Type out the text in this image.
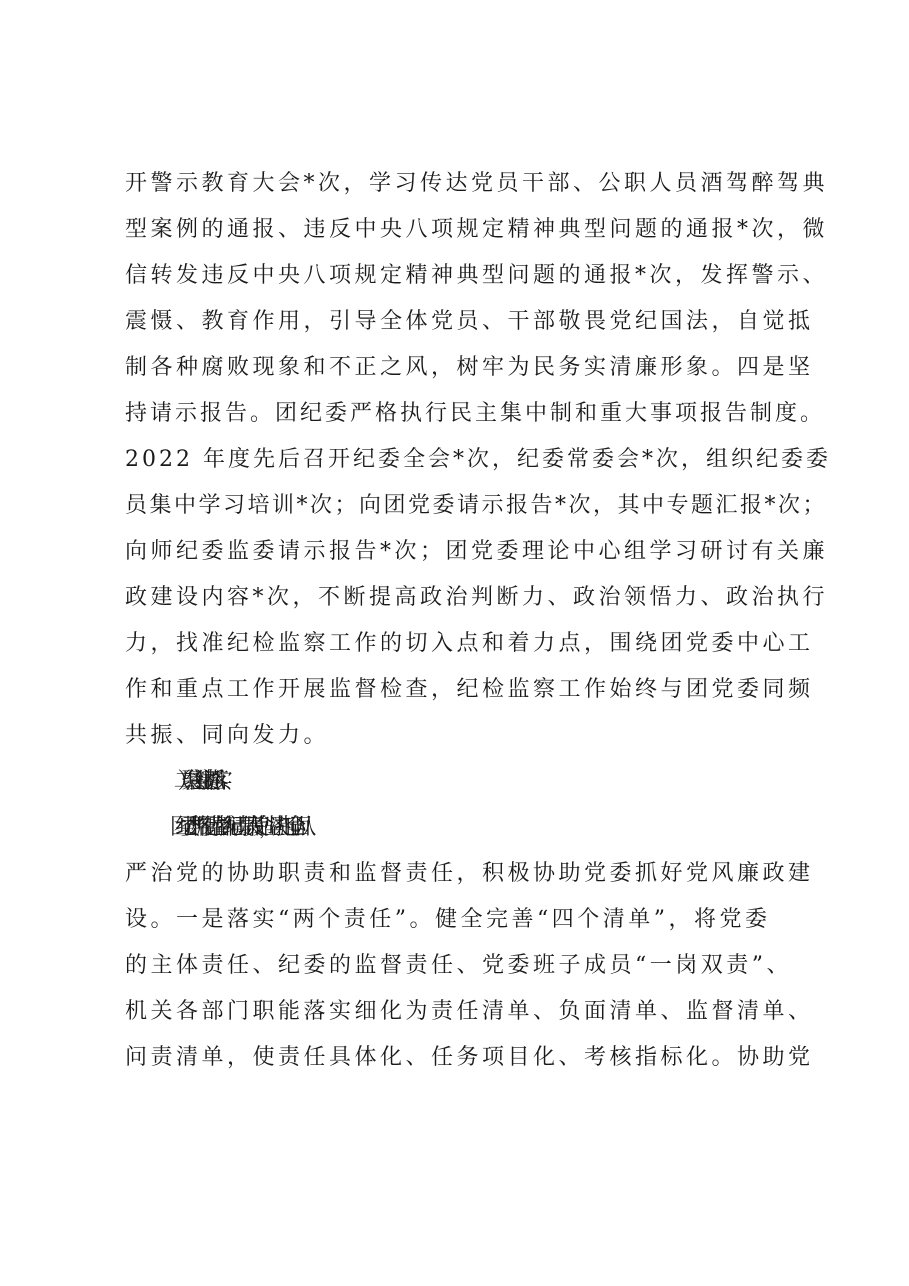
开警示教育大会*次，学习传达党员干部、公职人员酒驾醉驾典
型案例的通报、违反中央八项规定精神典型问题的通报*次，微
信转发违反中央八项规定精神典型问题的通报*次，发挥警示、
震慑、教育作用，引导全体党员、干部敬畏党纪国法，自觉抵
制各种腐败现象和不正之风，树牢为民务实清廉形象。四是坚
持请示报告。团纪委严格执行民主集中制和重大事项报告制度。
2022 年度先后召开纪委全会*次，纪委常委会*次，组织纪委委
员集中学习培训*次；向团党委请示报告*次，其中专题汇报*次；
向师纪委监委请示报告*次；团党委理论中心组学习研讨有关廉
政建设内容*次，不断提高政治判断力、政治领悟力、政治执行
力，找准纪检监察工作的切入点和着力点，围绕团党委中心工
作和重点工作开展监督检查，纪检监察工作始终与团党委同频
共振、同向发力。
（二）聚焦主业主责抓落实
团纪委严格履行监督执纪问责职责使命，坚决扛起全面从
严治党的协助职责和监督责任，积极协助党委抓好党风廉政建
设。一是落实“两个责任”。健全完善“四个清单”，将党委
的主体责任、纪委的监督责任、党委班子成员“一岗双责”、
机关各部门职能落实细化为责任清单、负面清单、监督清单、
问责清单，使责任具体化、任务项目化、考核指标化。协助党
